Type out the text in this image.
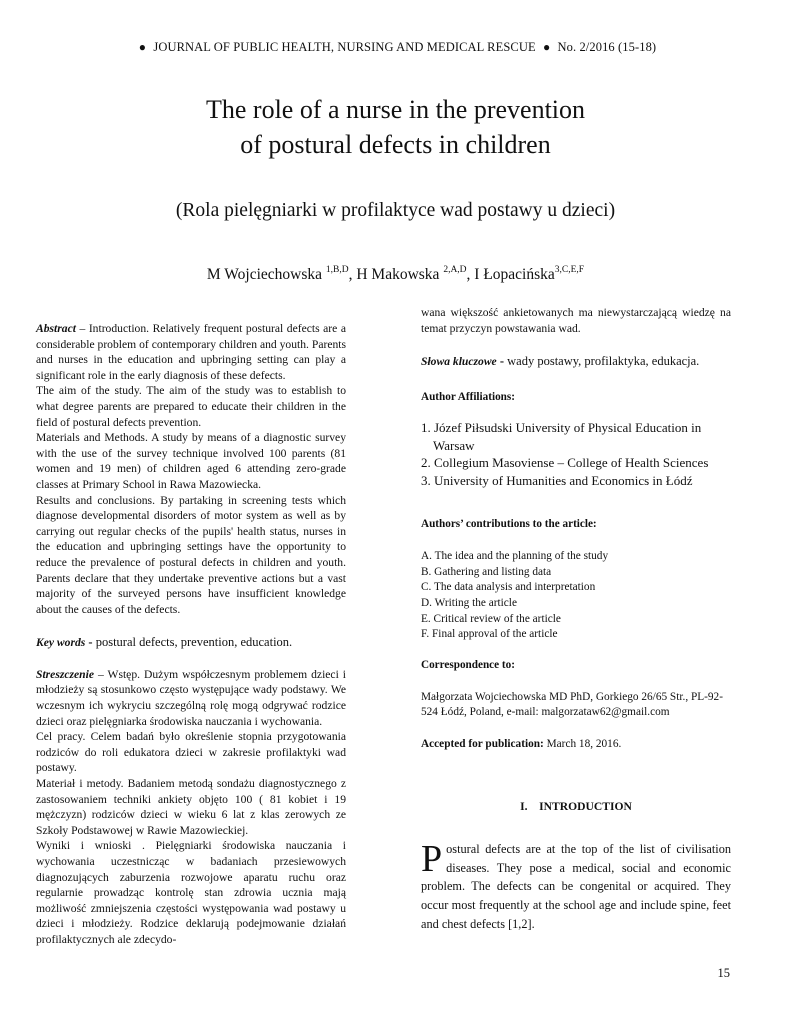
● JOURNAL OF PUBLIC HEALTH, NURSING AND MEDICAL RESCUE ● No. 2/2016 (15-18)
The role of a nurse in the prevention
of postural defects in children
(Rola pielęgniarki w profilaktyce wad postawy u dzieci)
M Wojciechowska $^{1,B,D}$, H Makowska $^{2,A,D}$, I Łopacińska$^{3,C,E,F}$

Abstract – Introduction. Relatively frequent postural defects are a considerable problem of contemporary children and youth. Parents and nurses in the education and upbringing setting can play a significant role in the early diagnosis of these defects.

The aim of the study. The aim of the study was to establish to what degree parents are prepared to educate their children in the field of postural defects prevention.

Materials and Methods. A study by means of a diagnostic survey with the use of the survey technique involved 100 parents (81 women and 19 men) of children aged 6 attending zero-grade classes at Primary School in Rawa Mazowiecka.

Results and conclusions. By partaking in screening tests which diagnose developmental disorders of motor system as well as by carrying out regular checks of the pupils' health status, nurses in the education and upbringing settings have the opportunity to reduce the prevalence of postural defects in children and youth. Parents declare that they undertake preventive actions but a vast majority of the surveyed persons have insufficient knowledge about the causes of the defects.

Key words - postural defects, prevention, education.

Streszczenie – Wstęp. Dużym współczesnym problemem dzieci i młodzieży są stosunkowo często występujące wady podstawy. We wczesnym ich wykryciu szczególną rolę mogą odgrywać rodzice dzieci oraz pielęgniarka środowiska nauczania i wychowania.

Cel pracy. Celem badań było określenie stopnia przygotowania rodziców do roli edukatora dzieci w zakresie profilaktyki wad postawy.

Materiał i metody. Badaniem metodą sondażu diagnostycznego z zastosowaniem techniki ankiety objęto 100 ( 81 kobiet i 19 mężczyzn) rodziców dzieci w wieku 6 lat z klas zerowych ze Szkoły Podstawowej w Rawie Mazowieckiej.

Wyniki i wnioski . Pielęgniarki środowiska nauczania i wychowania uczestnicząc w badaniach przesiewowych diagnozujących zaburzenia rozwojowe aparatu ruchu oraz regularnie prowadząc kontrolę stan zdrowia ucznia mają możliwość zmniejszenia częstości występowania wad postawy u dzieci i młodzieży. Rodzice deklarują podejmowanie działań profilaktycznych ale zdecydo-

wana większość ankietowanych ma niewystarczającą wiedzę na temat przyczyn powstawania wad.
Słowa kluczowe - wady postawy, profilaktyka, edukacja.
Author Affiliations:
1. Józef Piłsudski University of Physical Education in Warsaw
2. Collegium Masoviense – College of Health Sciences
3. University of Humanities and Economics in Łódź
Authors’ contributions to the article:
A. The idea and the planning of the study
B. Gathering and listing data
C. The data analysis and interpretation
D. Writing the article
E. Critical review of the article
F. Final approval of the article
Correspondence to:
Małgorzata Wojciechowska MD PhD, Gorkiego 26/65 Str., PL-92-524 Łódź, Poland, e-mail: malgorzataw62@gmail.com
Accepted for publication: March 18, 2016.
I.    INTRODUCTION
Postural defects are at the top of the list of civilisation diseases. They pose a medical, social and economic problem. The defects can be congenital or acquired. They occur most frequently at the school age and include spine, feet and chest defects [1,2].
15
